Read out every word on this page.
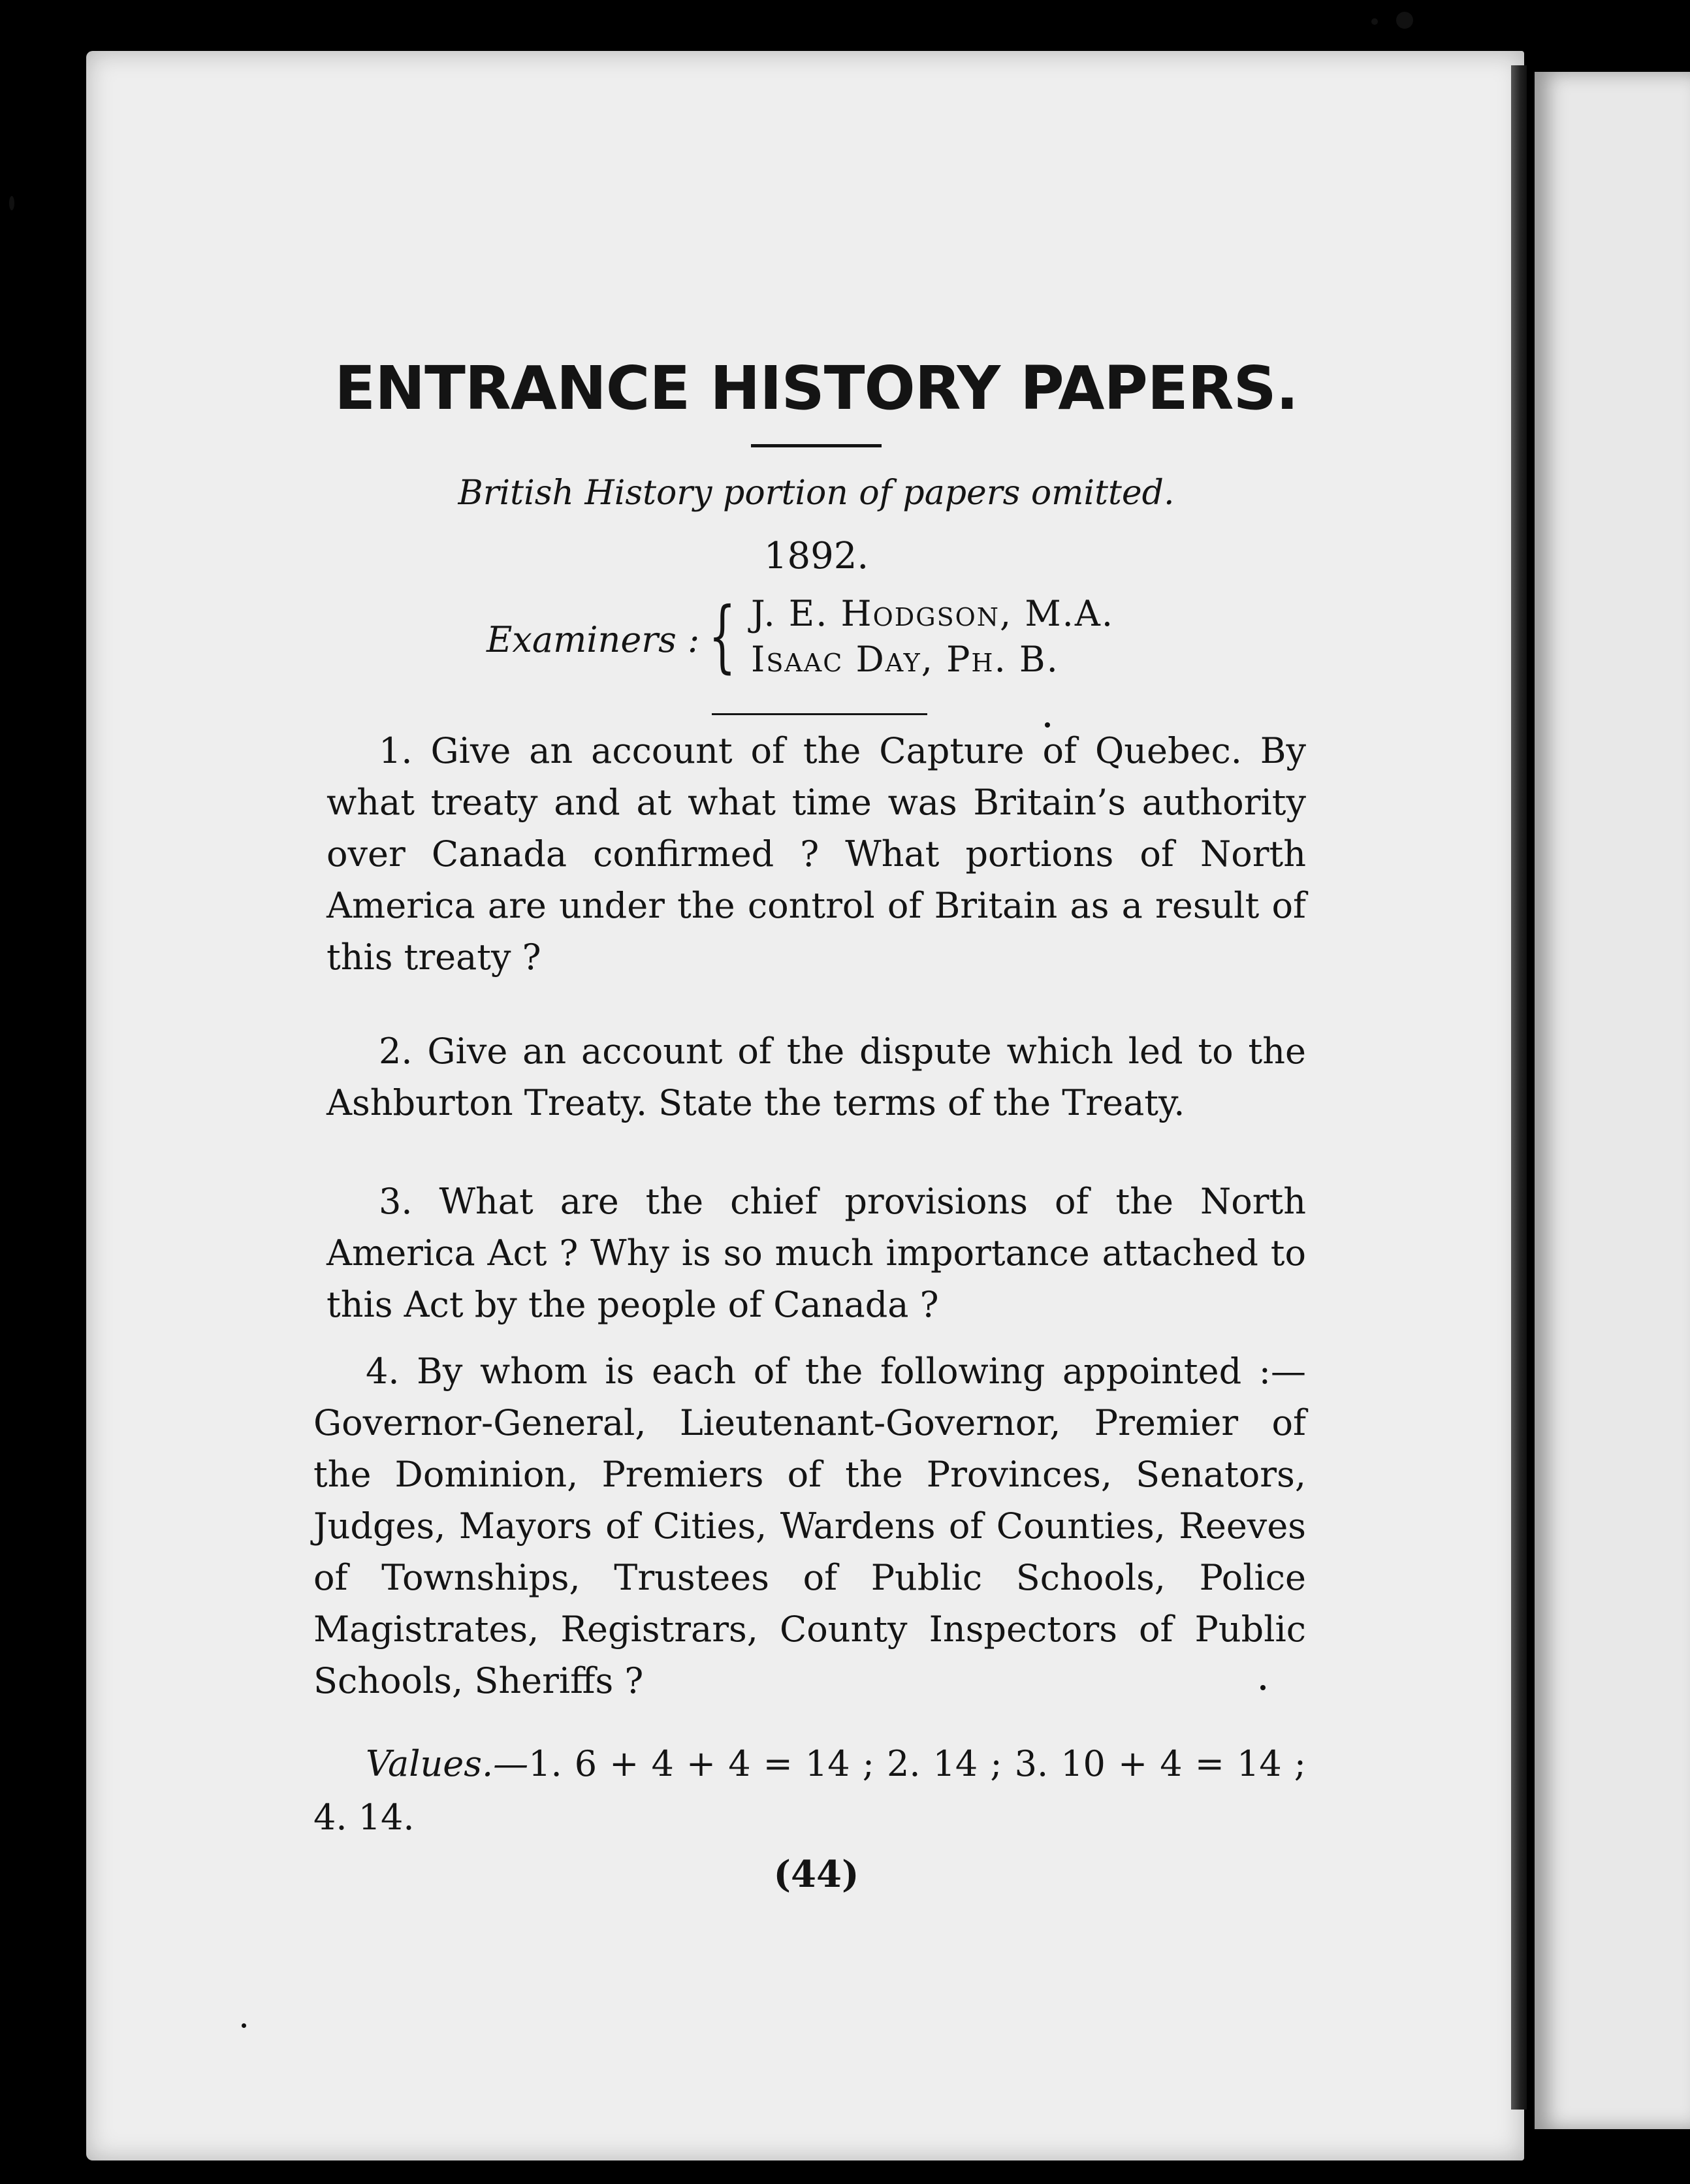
ENTRANCE HISTORY PAPERS.
British History portion of papers omitted.
1892.
Examiners : { J. E. Hodgson, M.A.
Isaac Day, Ph. B.

1. Give an account of the Capture of Quebec. By what treaty and at what time was Britain’s authority over Canada confirmed ? What portions of North America are under the control of Britain as a result of this treaty ?

2. Give an account of the dispute which led to the Ashburton Treaty. State the terms of the Treaty.

3. What are the chief provisions of the North America Act ? Why is so much importance attached to this Act by the people of Canada ?

4. By whom is each of the following appointed :— Governor-General, Lieutenant-Governor, Premier of the Dominion, Premiers of the Provinces, Senators, Judges, Mayors of Cities, Wardens of Counties, Reeves of Townships, Trustees of Public Schools, Police Magistrates, Registrars, County Inspectors of Public Schools, Sheriffs ?

Values.—1. 6 + 4 + 4 = 14 ; 2. 14 ; 3. 10 + 4 = 14 ; 4. 14.

(44)
